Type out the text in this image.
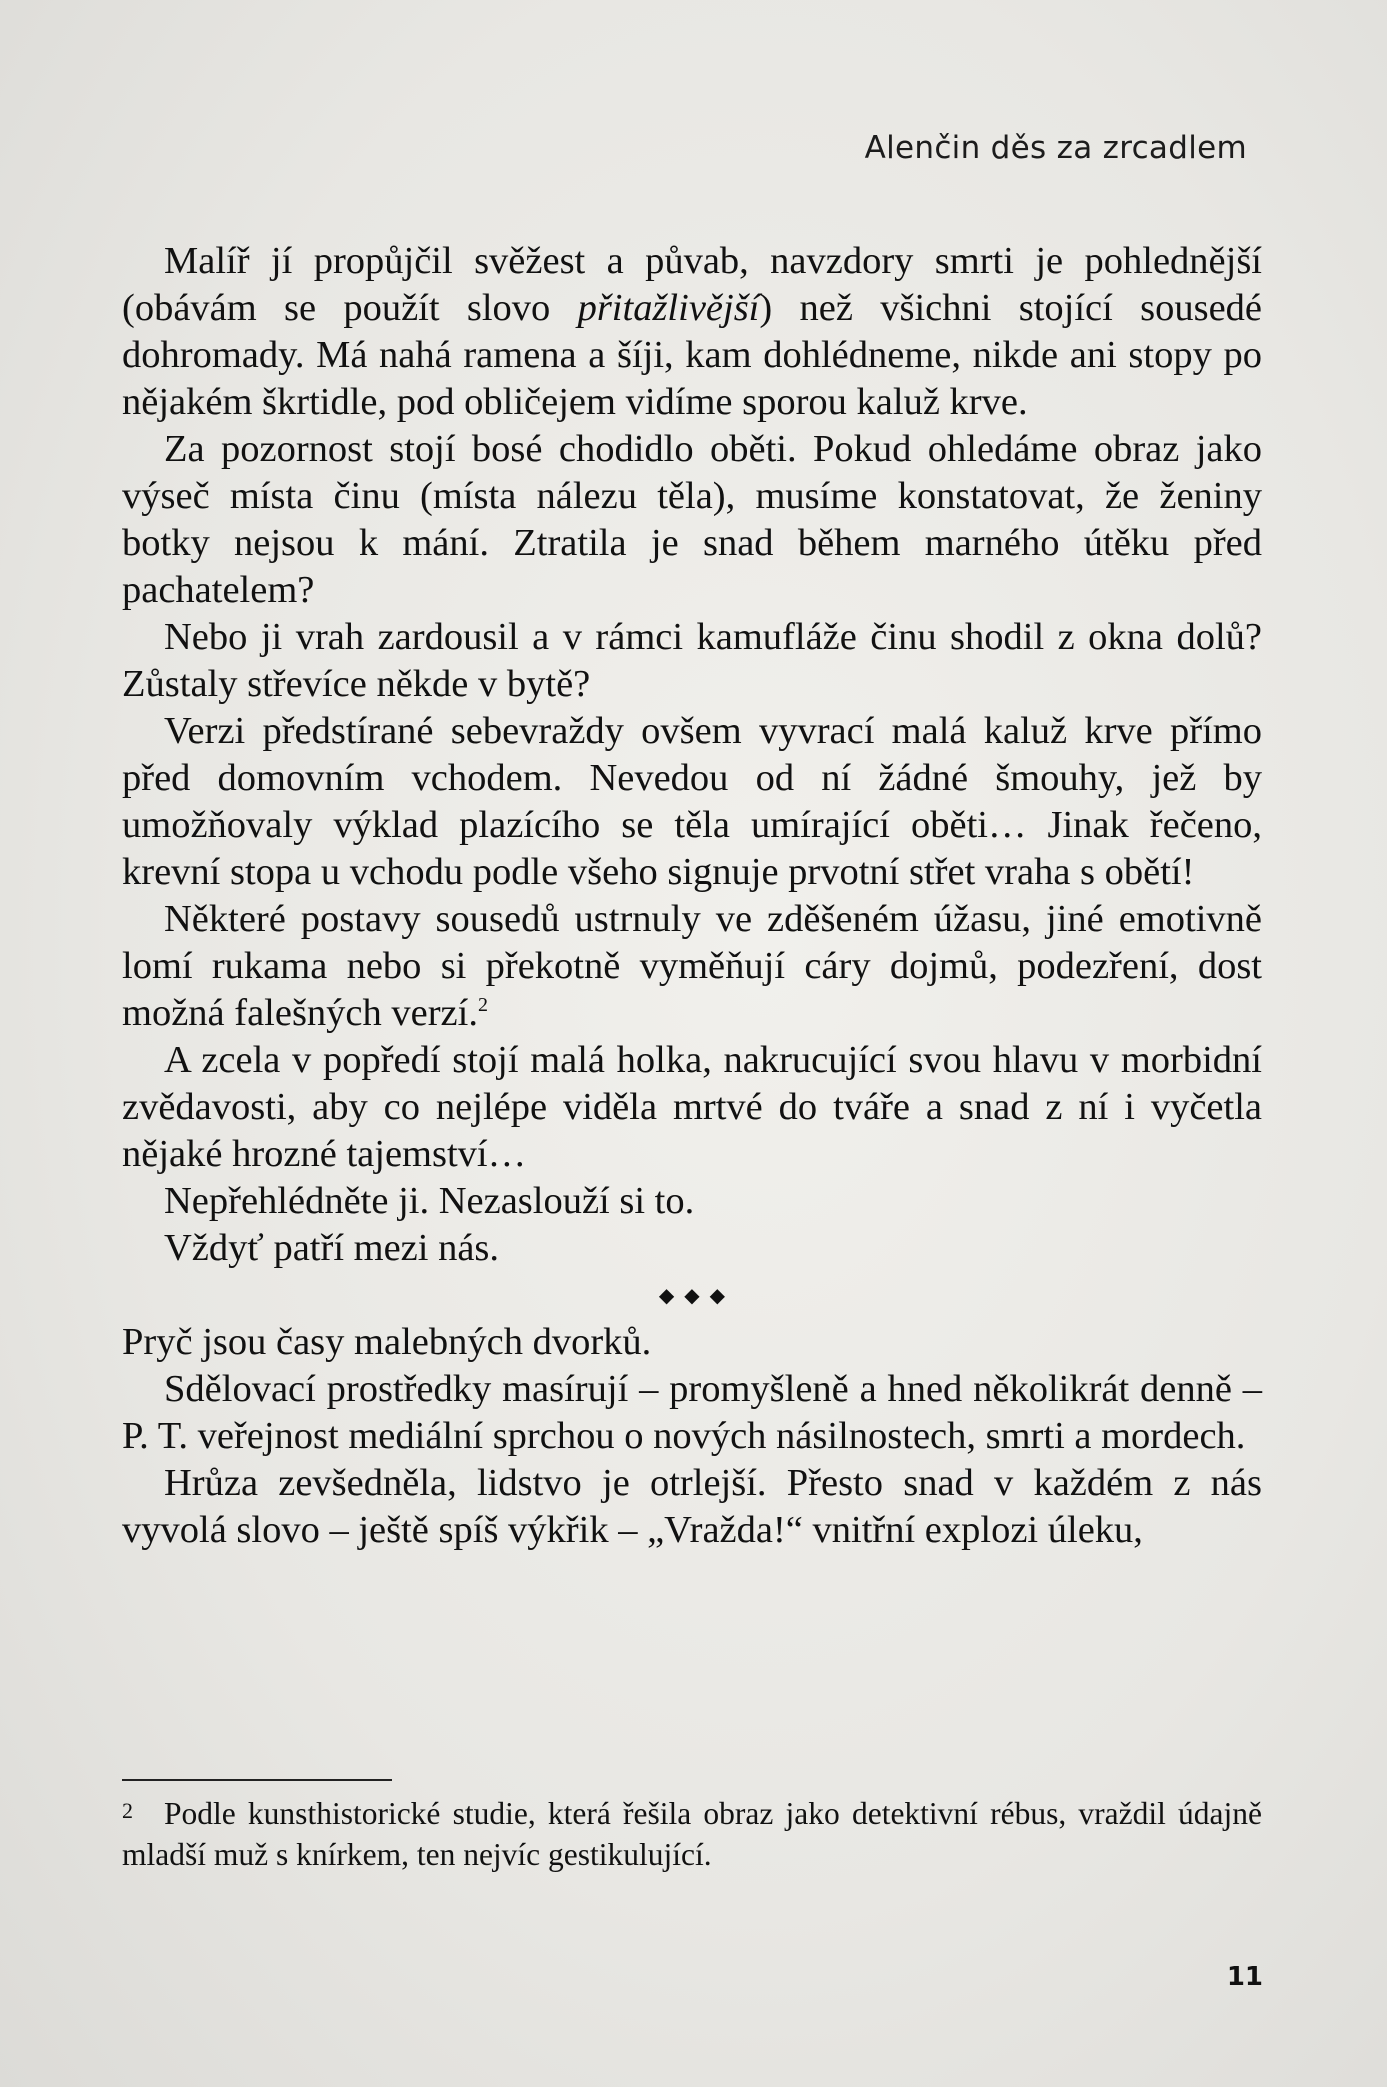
Alenčin děs za zrcadlem

Malíř jí propůjčil svěžest a půvab, navzdory smrti je pohlednější (obávám se použít slovo přitažlivější) než všichni stojící sousedé dohromady. Má nahá ramena a šíji, kam dohlédneme, nikde ani stopy po nějakém škrtidle, pod obličejem vidíme sporou kaluž krve.

Za pozornost stojí bosé chodidlo oběti. Pokud ohledáme obraz jako výseč místa činu (místa nálezu těla), musíme konstatovat, že ženiny botky nejsou k mání. Ztratila je snad během marného útěku před pachatelem?

Nebo ji vrah zardousil a v rámci kamufláže činu shodil z okna dolů? Zůstaly střevíce někde v bytě?

Verzi předstírané sebevraždy ovšem vyvrací malá kaluž krve přímo před domovním vchodem. Nevedou od ní žádné šmouhy, jež by umožňovaly výklad plazícího se těla umírající oběti… Jinak řečeno, krevní stopa u vchodu podle všeho signuje prvotní střet vraha s obětí!

Některé postavy sousedů ustrnuly ve zděšeném úžasu, jiné emotivně lomí rukama nebo si překotně vyměňují cáry dojmů, podezření, dost možná falešných verzí.$^2$

A zcela v popředí stojí malá holka, nakrucující svou hlavu v morbidní zvědavosti, aby co nejlépe viděla mrtvé do tváře a snad z ní i vyčetla nějaké hrozné tajemství…

Nepřehlédněte ji. Nezaslouží si to.

Vždyť patří mezi nás.

◆◆◆

Pryč jsou časy malebných dvorků.

Sdělovací prostředky masírují – promyšleně a hned několikrát denně – P. T. veřejnost mediální sprchou o nových násilnostech, smrti a mordech.

Hrůza zevšedněla, lidstvo je otrlejší. Přesto snad v každém z nás vyvolá slovo – ještě spíš výkřik – „Vražda!“ vnitřní explozi úleku,

2 Podle kunsthistorické studie, která řešila obraz jako detektivní rébus, vraždil údajně mladší muž s knírkem, ten nejvíc gestikulující.
11
